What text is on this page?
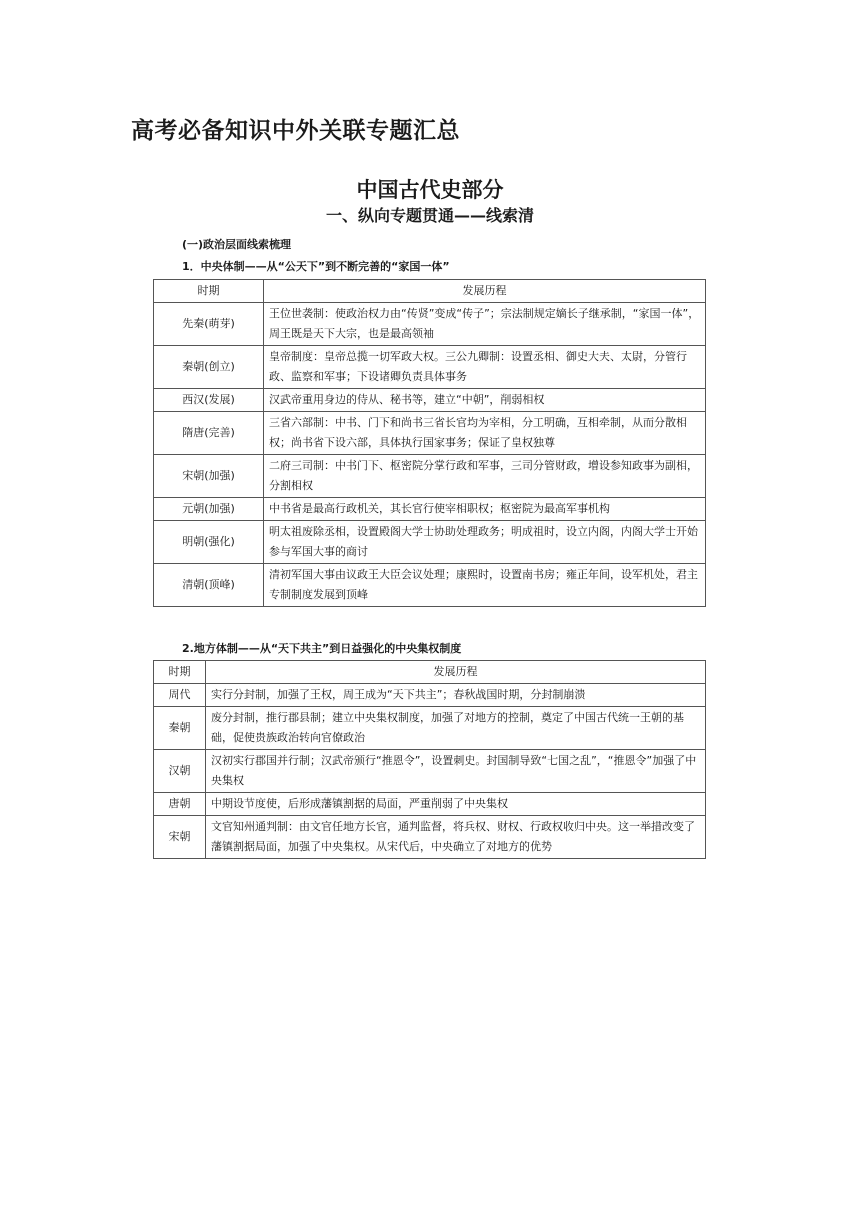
高考必备知识中外关联专题汇总
中国古代史部分
一、纵向专题贯通——线索清
(一)政治层面线索梳理
1．中央体制——从“公天下”到不断完善的“家国一体”
时期	发展历程
先秦(萌芽)	王位世袭制：使政治权力由“传贤”变成“传子”；宗法制规定嫡长子继承制，“家国一体”，周王既是天下大宗，也是最高领袖
秦朝(创立)	皇帝制度：皇帝总揽一切军政大权。三公九卿制：设置丞相、御史大夫、太尉，分管行政、监察和军事；下设诸卿负责具体事务
西汉(发展)	汉武帝重用身边的侍从、秘书等，建立“中朝”，削弱相权
隋唐(完善)	三省六部制：中书、门下和尚书三省长官均为宰相，分工明确，互相牵制，从而分散相权；尚书省下设六部，具体执行国家事务；保证了皇权独尊
宋朝(加强)	二府三司制：中书门下、枢密院分掌行政和军事，三司分管财政，增设参知政事为副相，分割相权
元朝(加强)	中书省是最高行政机关，其长官行使宰相职权；枢密院为最高军事机构
明朝(强化)	明太祖废除丞相，设置殿阁大学士协助处理政务；明成祖时，设立内阁，内阁大学士开始参与军国大事的商讨
清朝(顶峰)	清初军国大事由议政王大臣会议处理；康熙时，设置南书房；雍正年间，设军机处，君主专制制度发展到顶峰
2.地方体制——从“天下共主”到日益强化的中央集权制度
时期	发展历程
周代	实行分封制，加强了王权，周王成为“天下共主”；春秋战国时期，分封制崩溃
秦朝	废分封制，推行郡县制；建立中央集权制度，加强了对地方的控制，奠定了中国古代统一王朝的基础，促使贵族政治转向官僚政治
汉朝	汉初实行郡国并行制；汉武帝颁行“推恩令”，设置刺史。封国制导致“七国之乱”，“推恩令”加强了中央集权
唐朝	中期设节度使，后形成藩镇割据的局面，严重削弱了中央集权
宋朝	文官知州通判制：由文官任地方长官，通判监督，将兵权、财权、行政权收归中央。这一举措改变了藩镇割据局面，加强了中央集权。从宋代后，中央确立了对地方的优势
